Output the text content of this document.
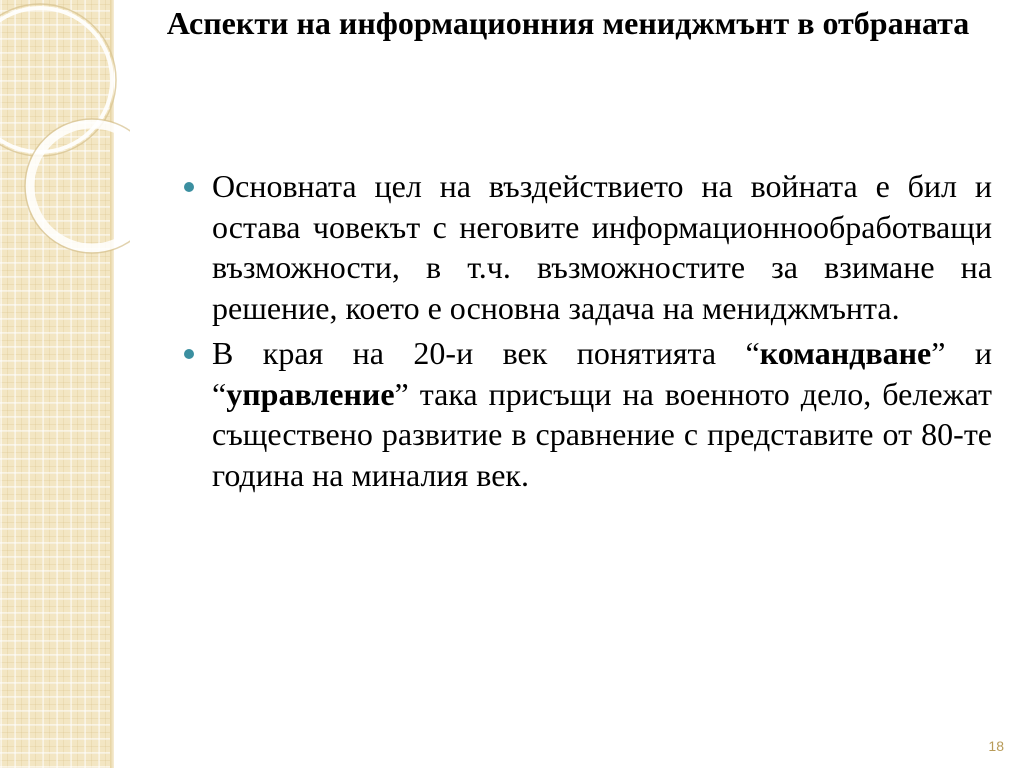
Аспекти на информационния мениджмънт в отбраната
Основната цел на въздействието на войната е бил и остава човекът с неговите информационнообработващи възможности, в т.ч. възможностите за взимане на решение, което е основна задача на мениджмънта.
В края на 20-и век понятията “командване” и “управление” така присъщи на военното дело, бележат съществено развитие в сравнение с представите от 80-те година на миналия век.
18
